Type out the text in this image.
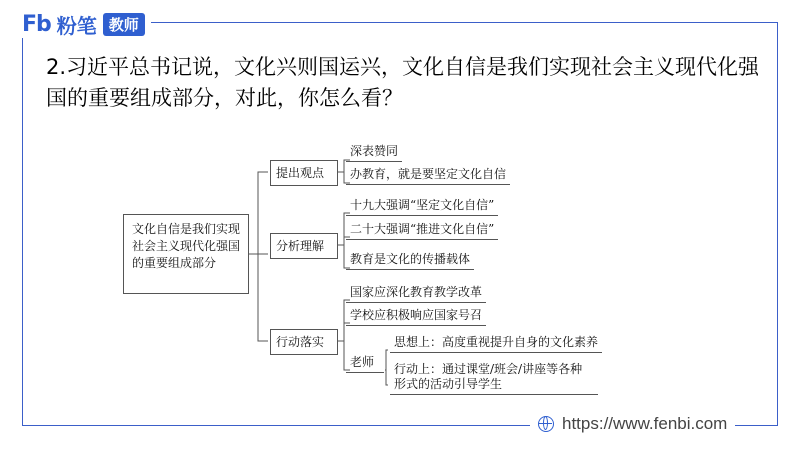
Fb 粉笔 教师
2.习近平总书记说，文化兴则国运兴，文化自信是我们实现社会主义现代化强国的重要组成部分，对此，你怎么看？
文化自信是我们实现社会主义现代化强国的重要组成部分
提出观点
深表赞同
办教育，就是要坚定文化自信
分析理解
十九大强调“坚定文化自信”
二十大强调“推进文化自信”
教育是文化的传播载体
行动落实
国家应深化教育教学改革
学校应积极响应国家号召
老师
思想上：高度重视提升自身的文化素养
行动上：通过课堂/班会/讲座等各种形式的活动引导学生
https://www.fenbi.com
